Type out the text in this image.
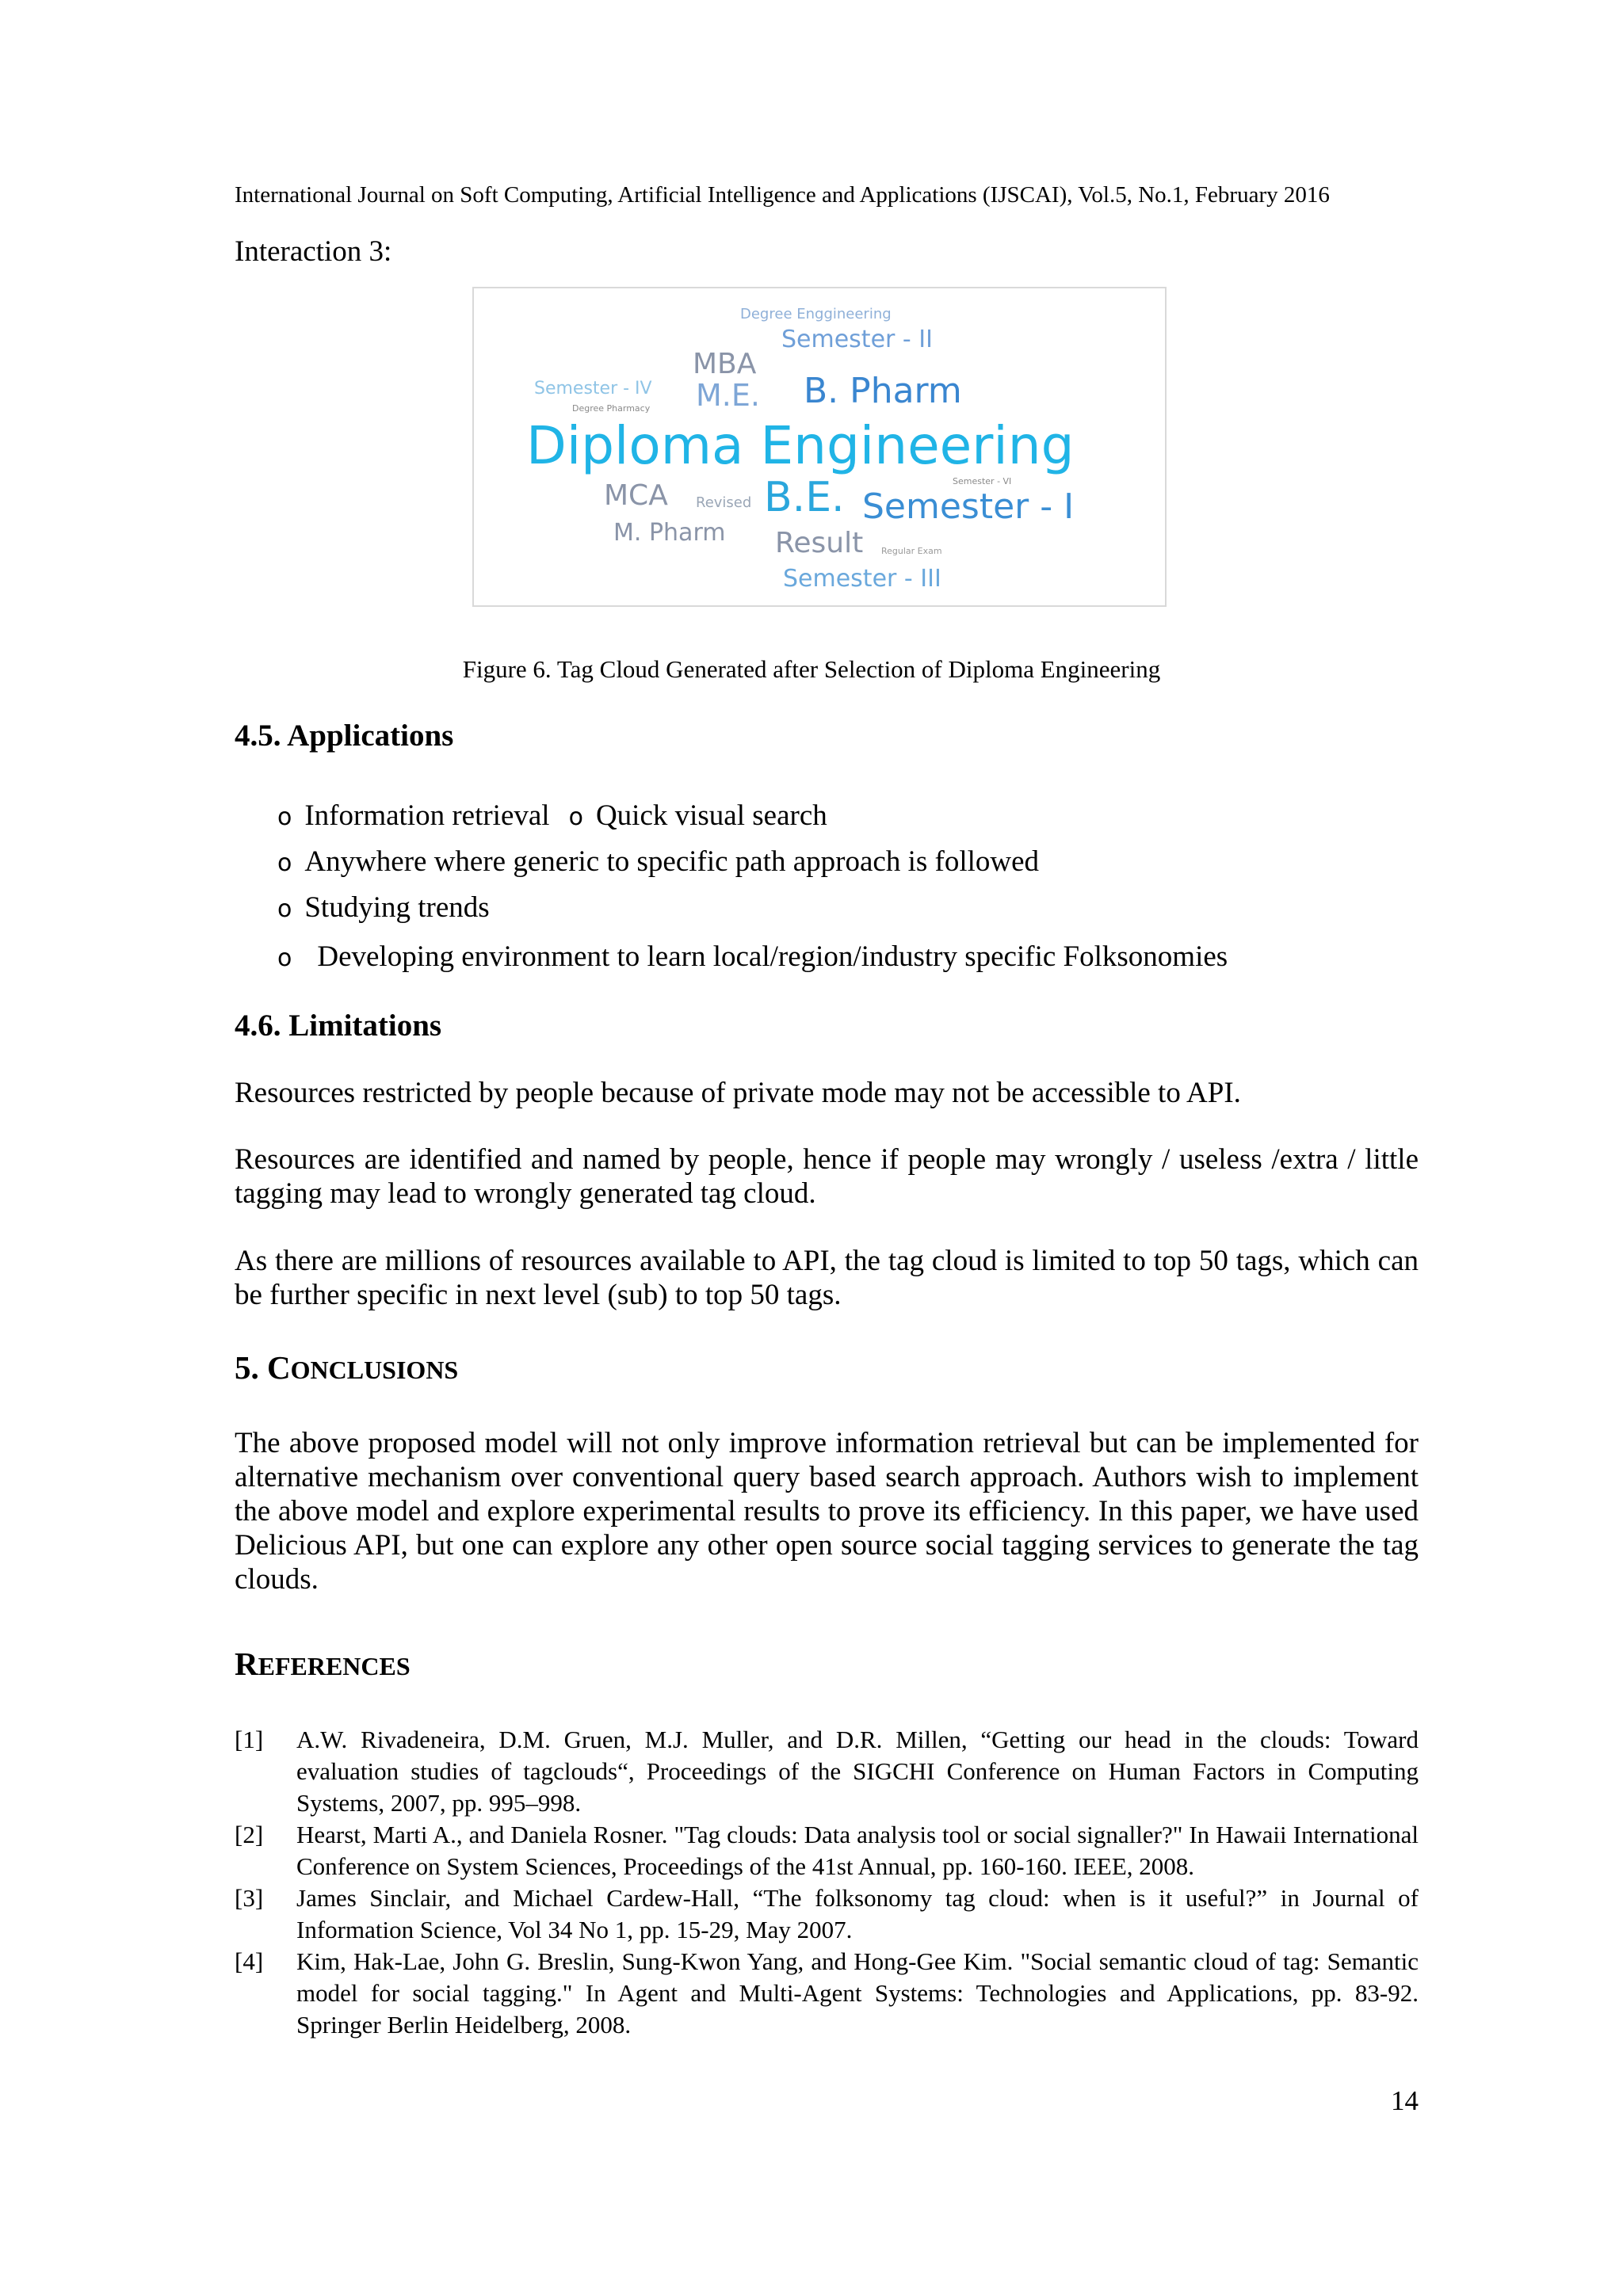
International Journal on Soft Computing, Artificial Intelligence and Applications (IJSCAI), Vol.5, No.1, February 2016
Interaction 3:
Degree Enggineering
Semester - II
MBA
Semester - IV
Degree Pharmacy M.E. B. Pharm
Diploma Engineering
Semester - VI
MCA Revised B.E. Semester - I
M. Pharm Result Regular Exam
Semester - III
Figure 6. Tag Cloud Generated after Selection of Diploma Engineering
4.5. Applications
o Information retrieval o Quick visual search
o Anywhere where generic to specific path approach is followed
o Studying trends
o Developing environment to learn local/region/industry specific Folksonomies
4.6. Limitations
Resources restricted by people because of private mode may not be accessible to API.
Resources are identified and named by people, hence if people may wrongly / useless /extra / little tagging may lead to wrongly generated tag cloud.
As there are millions of resources available to API, the tag cloud is limited to top 50 tags, which can be further specific in next level (sub) to top 50 tags.
5. CONCLUSIONS
The above proposed model will not only improve information retrieval but can be implemented for alternative mechanism over conventional query based search approach. Authors wish to implement the above model and explore experimental results to prove its efficiency. In this paper, we have used Delicious API, but one can explore any other open source social tagging services to generate the tag clouds.
REFERENCES
[1] A.W. Rivadeneira, D.M. Gruen, M.J. Muller, and D.R. Millen, “Getting our head in the clouds: Toward evaluation studies of tagclouds“, Proceedings of the SIGCHI Conference on Human Factors in Computing Systems, 2007, pp. 995–998.
[2] Hearst, Marti A., and Daniela Rosner. "Tag clouds: Data analysis tool or social signaller?" In Hawaii International Conference on System Sciences, Proceedings of the 41st Annual, pp. 160-160. IEEE, 2008.
[3] James Sinclair, and Michael Cardew-Hall, “The folksonomy tag cloud: when is it useful?” in Journal of Information Science, Vol 34 No 1, pp. 15-29, May 2007.
[4] Kim, Hak-Lae, John G. Breslin, Sung-Kwon Yang, and Hong-Gee Kim. "Social semantic cloud of tag: Semantic model for social tagging." In Agent and Multi-Agent Systems: Technologies and Applications, pp. 83-92. Springer Berlin Heidelberg, 2008.
14
